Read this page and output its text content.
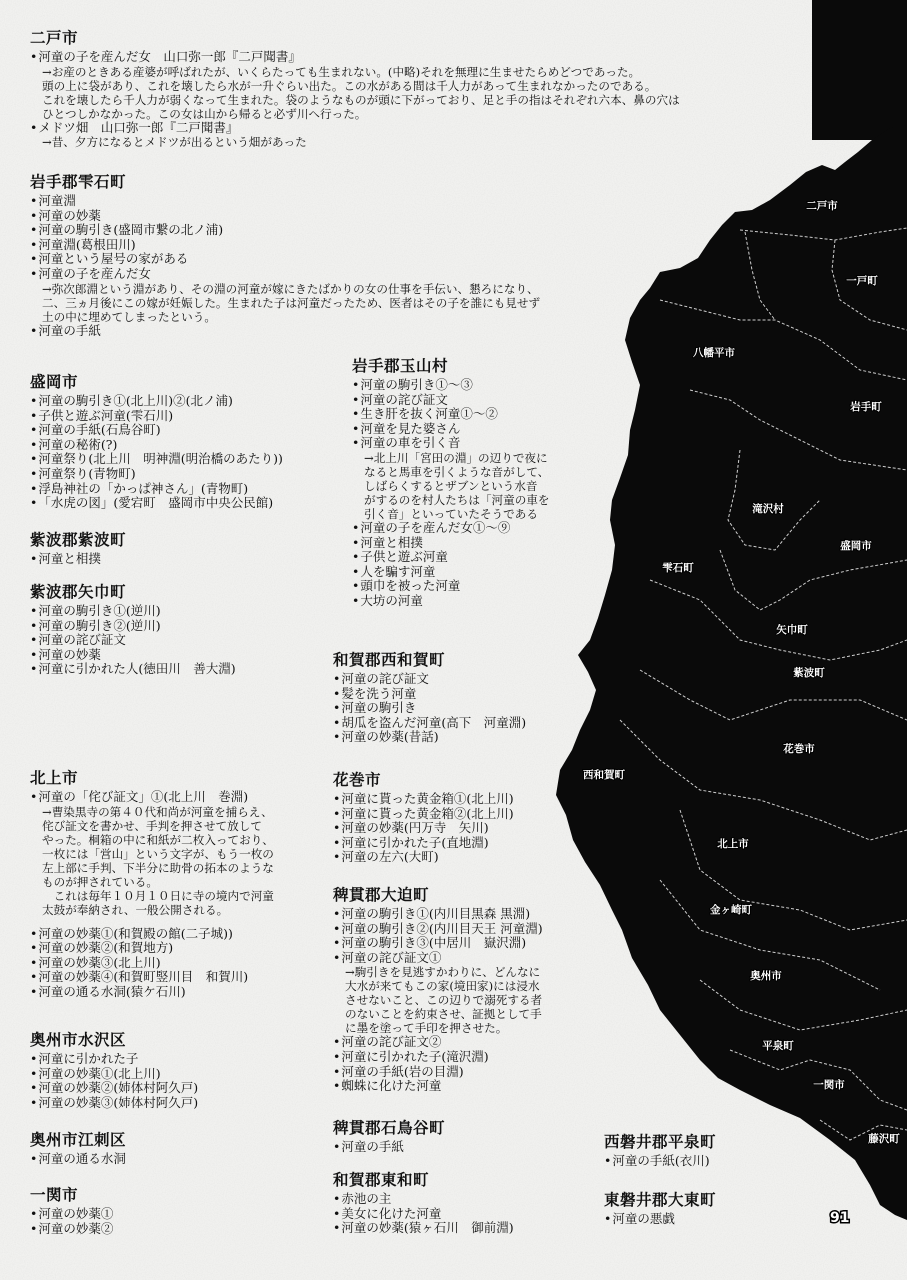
二戸市
一戸町
八幡平市
岩手町
滝沢村
盛岡市
雫石町
矢巾町
紫波町
花巻市
西和賀町
北上市
金ヶ崎町
奥州市
平泉町
一関市
藤沢町
91
二戸市
• 河童の子を産んだ女　山口弥一郎『二戸聞書』
→お産のときある産婆が呼ばれたが、いくらたっても生まれない。(中略)それを無理に生ませたらめどつであった。
頭の上に袋があり、これを壊したら水が一升ぐらい出た。この水がある間は千人力があって生まれなかったのである。
これを壊したら千人力が弱くなって生まれた。袋のようなものが頭に下がっており、足と手の指はそれぞれ六本、鼻の穴は
ひとつしかなかった。この女は山から帰ると必ず川へ行った。
• メドツ畑　山口弥一郎『二戸聞書』
→昔、夕方になるとメドツが出るという畑があった
岩手郡雫石町
• 河童淵
• 河童の妙薬
• 河童の駒引き(盛岡市繋の北ノ浦)
• 河童淵(葛根田川)
• 河童という屋号の家がある
• 河童の子を産んだ女
→弥次郎淵という淵があり、その淵の河童が嫁にきたばかりの女の仕事を手伝い、懇ろになり、
二、三ヵ月後にこの嫁が妊娠した。生まれた子は河童だったため、医者はその子を誰にも見せず
土の中に埋めてしまったという。
• 河童の手紙
盛岡市
• 河童の駒引き①(北上川)②(北ノ浦)
• 子供と遊ぶ河童(雫石川)
• 河童の手紙(石鳥谷町)
• 河童の秘術(?)
• 河童祭り(北上川　明神淵(明治橋のあたり))
• 河童祭り(青物町)
• 浮島神社の「かっぱ神さん」(青物町)
• 「水虎の図」(愛宕町　盛岡市中央公民館)
紫波郡紫波町
• 河童と相撲
紫波郡矢巾町
• 河童の駒引き①(逆川)
• 河童の駒引き②(逆川)
• 河童の詫び証文
• 河童の妙薬
• 河童に引かれた人(徳田川　善大淵)
北上市
• 河童の「侘び証文」①(北上川　巻淵)
→曹染黒寺の第４０代和尚が河童を捕らえ、
侘び証文を書かせ、手判を押させて放して
やった。桐箱の中に和紙が二枚入っており、
一枚には「営山」という文字が、もう一枚の
左上部に手判、下半分に助骨の拓本のような
ものが押されている。
　これは毎年１０月１０日に寺の境内で河童
太鼓が奉納され、一般公開される。
• 河童の妙薬①(和賀殿の館(二子城))
• 河童の妙薬②(和賀地方)
• 河童の妙薬③(北上川)
• 河童の妙薬④(和賀町竪川目　和賀川)
• 河童の通る水洞(猿ケ石川)
奥州市水沢区
• 河童に引かれた子
• 河童の妙薬①(北上川)
• 河童の妙薬②(姉体村阿久戸)
• 河童の妙薬③(姉体村阿久戸)
奥州市江刺区
• 河童の通る水洞
一関市
• 河童の妙薬①
• 河童の妙薬②
岩手郡玉山村
• 河童の駒引き①～③
• 河童の詫び証文
• 生き肝を抜く河童①～②
• 河童を見た婆さん
• 河童の車を引く音
→北上川「宮田の淵」の辺りで夜に
なると馬車を引くような音がして、
しばらくするとザブンという水音
がするのを村人たちは「河童の車を
引く音」といっていたそうである
• 河童の子を産んだ女①～⑨
• 河童と相撲
• 子供と遊ぶ河童
• 人を騙す河童
• 頭巾を被った河童
• 大坊の河童
和賀郡西和賀町
• 河童の詫び証文
• 髪を洗う河童
• 河童の駒引き
• 胡瓜を盗んだ河童(高下　河童淵)
• 河童の妙薬(昔話)
花巻市
• 河童に貰った黄金箱①(北上川)
• 河童に貰った黄金箱②(北上川)
• 河童の妙薬(円万寺　矢川)
• 河童に引かれた子(直地淵)
• 河童の左六(大町)
稗貫郡大迫町
• 河童の駒引き①(内川目黒森 黒淵)
• 河童の駒引き②(内川目天王 河童淵)
• 河童の駒引き③(中居川　嶽沢淵)
• 河童の詫び証文①
→駒引きを見逃すかわりに、どんなに
大水が来てもこの家(境田家)には浸水
させないこと、この辺りで溺死する者
のないことを約束させ、証拠として手
に墨を塗って手印を押させた。
• 河童の詫び証文②
• 河童に引かれた子(滝沢淵)
• 河童の手紙(岩の目淵)
• 蜘蛛に化けた河童
稗貫郡石鳥谷町
• 河童の手紙
和賀郡東和町
• 赤池の主
• 美女に化けた河童
• 河童の妙薬(猿ヶ石川　御前淵)
西磐井郡平泉町
• 河童の手紙(衣川)
東磐井郡大東町
• 河童の悪戯
